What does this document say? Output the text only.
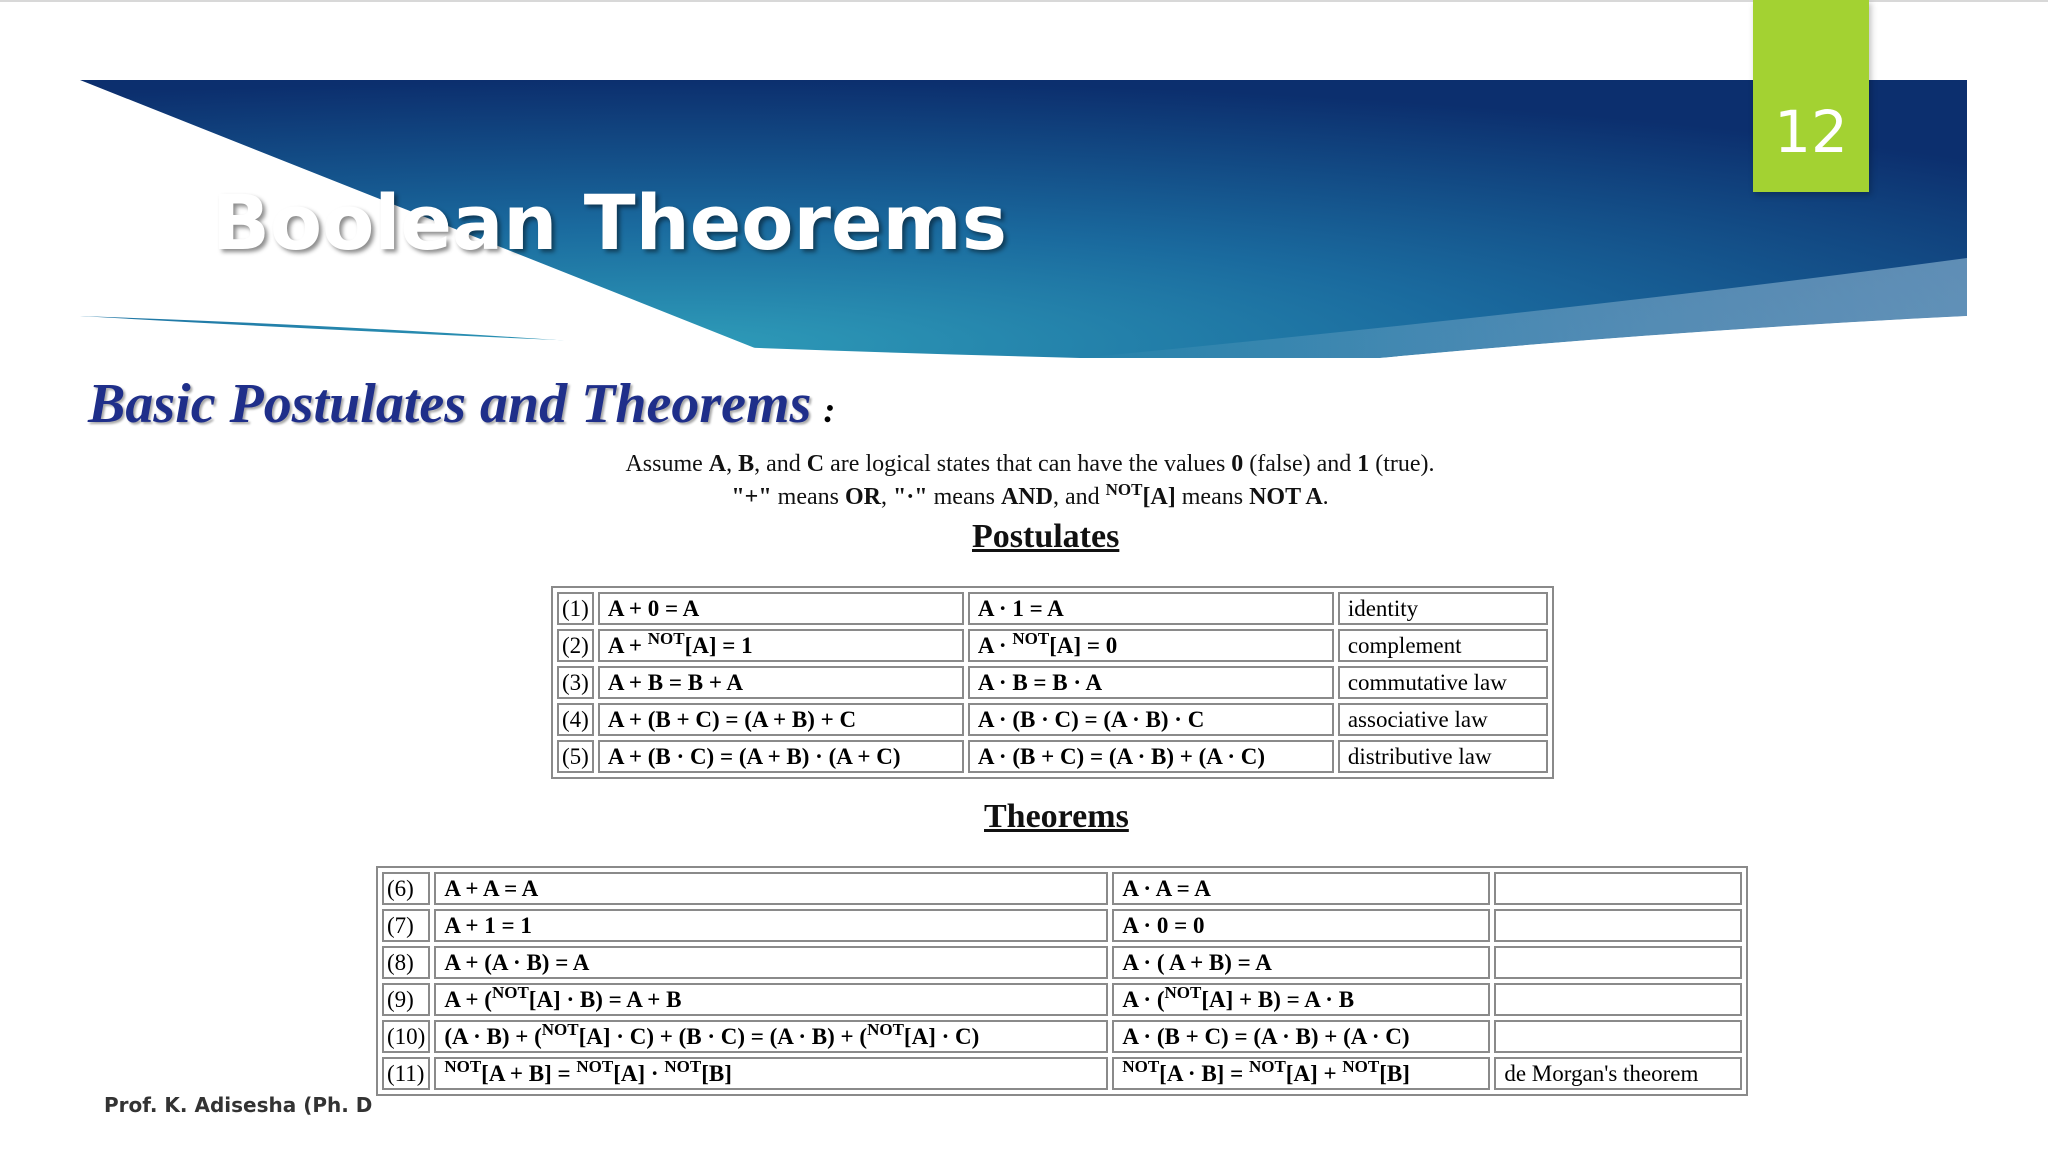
Boolean Theorems
12
Basic Postulates and Theorems :
Assume A, B, and C are logical states that can have the values 0 (false) and 1 (true).
"+" means OR, "·" means AND, and $^{NOT}$[A] means NOT A.
Postulates
(1)	A + 0 = A	A · 1 = A	identity
(2)	A + $^{NOT}$[A] = 1	A · $^{NOT}$[A] = 0	complement
(3)	A + B = B + A	A · B = B · A	commutative law
(4)	A + (B + C) = (A + B) + C	A · (B · C) = (A · B) · C	associative law
(5)	A + (B · C) = (A + B) · (A + C)	A · (B + C) = (A · B) + (A · C)	distributive law
Theorems
(6)	A + A = A	A · A = A	
(7)	A + 1 = 1	A · 0 = 0	
(8)	A + (A · B) = A	A · ( A + B) = A	
(9)	A + ($^{NOT}$[A] · B) = A + B	A · ($^{NOT}$[A] + B) = A · B	
(10)	(A · B) + ($^{NOT}$[A] · C) + (B · C) = (A · B) + ($^{NOT}$[A] · C)	A · (B + C) = (A · B) + (A · C)	
(11)	$^{NOT}$[A + B] = $^{NOT}$[A] · $^{NOT}$[B]	$^{NOT}$[A · B] = $^{NOT}$[A] + $^{NOT}$[B]	de Morgan's theorem
Prof. K. Adisesha (Ph. D
